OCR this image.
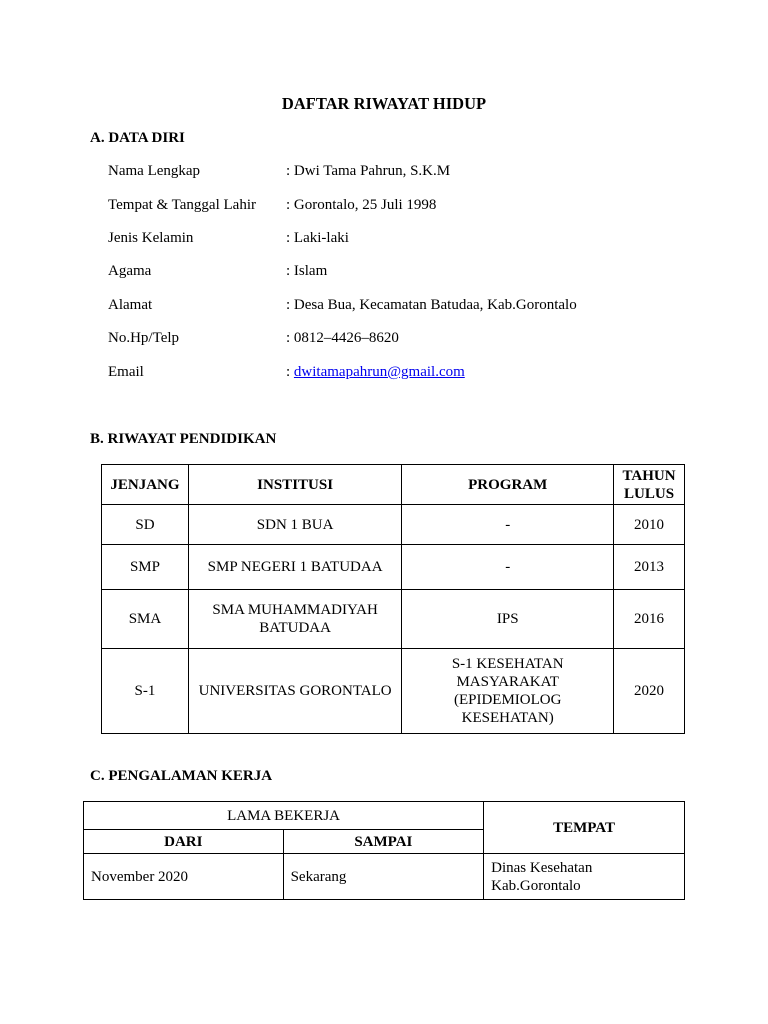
DAFTAR RIWAYAT HIDUP
A. DATA DIRI
Nama Lengkap	: Dwi Tama Pahrun, S.K.M
Tempat & Tanggal Lahir : Gorontalo, 25 Juli 1998
Jenis Kelamin	: Laki-laki
Agama	: Islam
Alamat	: Desa Bua, Kecamatan Batudaa, Kab.Gorontalo
No.Hp/Telp	: 0812–4426–8620
Email	: dwitamapahrun@gmail.com
B. RIWAYAT PENDIDIKAN
JENJANG	INSTITUSI	PROGRAM	TAHUN LULUS
SD	SDN 1 BUA	-	2010
SMP	SMP NEGERI 1 BATUDAA	-	2013
SMA	SMA MUHAMMADIYAH BATUDAA	IPS	2016
S-1	UNIVERSITAS GORONTALO	S-1 KESEHATAN MASYARAKAT (EPIDEMIOLOG KESEHATAN)	2020
C. PENGALAMAN KERJA
LAMA BEKERJA		TEMPAT
DARI	SAMPAI	
November 2020	Sekarang	Dinas Kesehatan Kab.Gorontalo
